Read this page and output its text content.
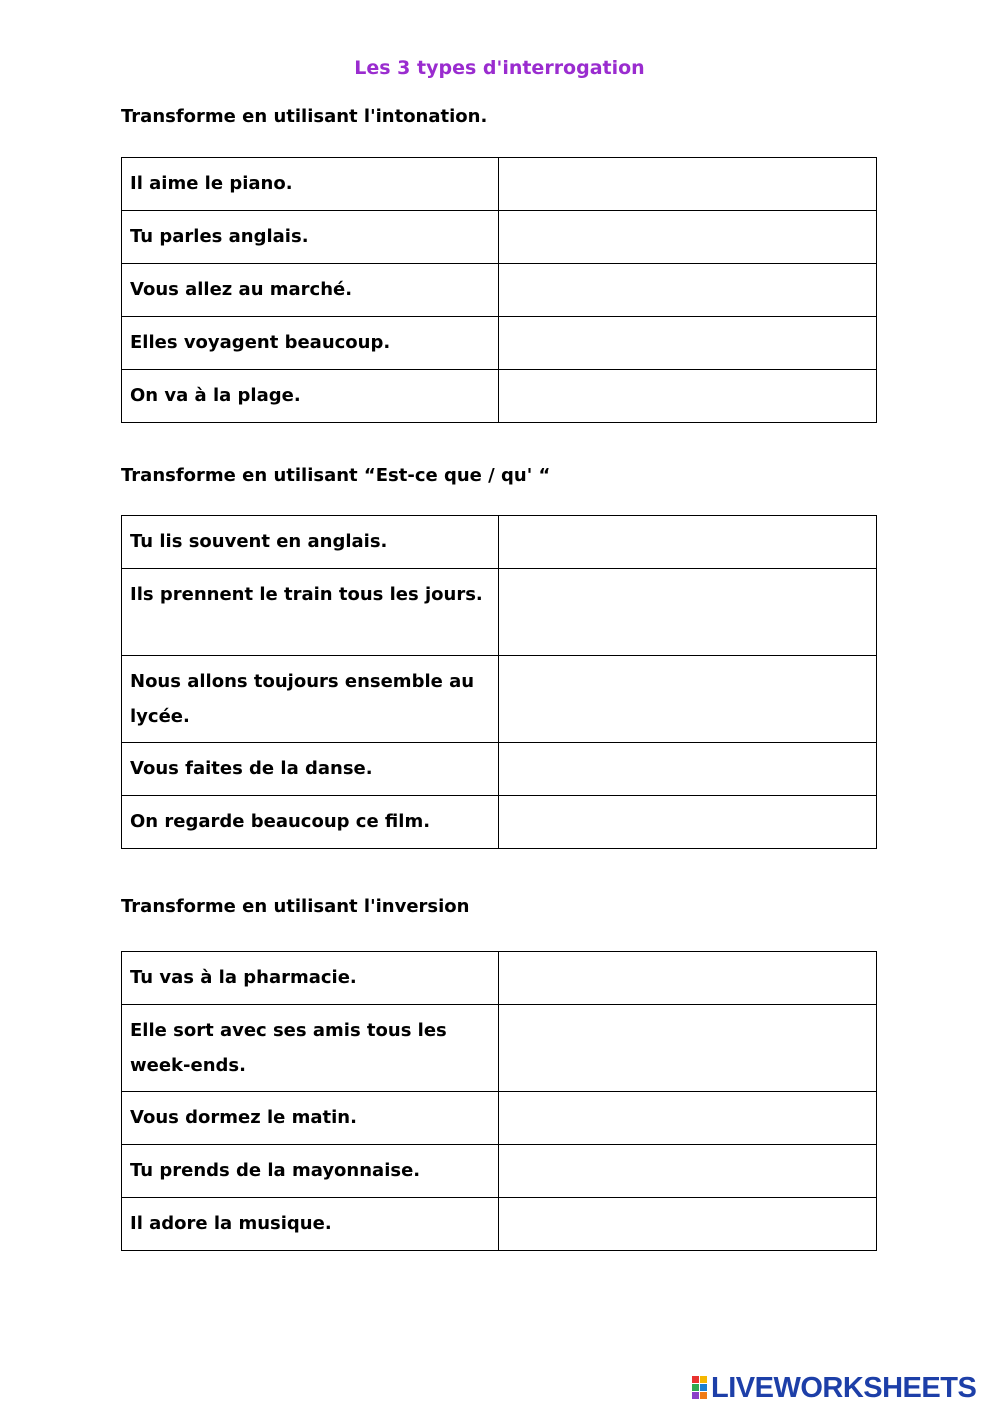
Les 3 types d'interrogation
Transforme en utilisant l'intonation.
Il aime le piano.	
Tu parles anglais.	
Vous allez au marché.	
Elles voyagent beaucoup.	
On va à la plage.	
Transforme en utilisant “Est-ce que / qu' “
Tu lis souvent en anglais.	
Ils prennent le train tous les jours.	
Nous allons toujours ensemble au lycée.	
Vous faites de la danse.	
On regarde beaucoup ce film.	
Transforme en utilisant l'inversion
Tu vas à la pharmacie.	
Elle sort avec ses amis tous les week-ends.	
Vous dormez le matin.	
Tu prends de la mayonnaise.	
Il adore la musique.	
LIVEWORKSHEETS
